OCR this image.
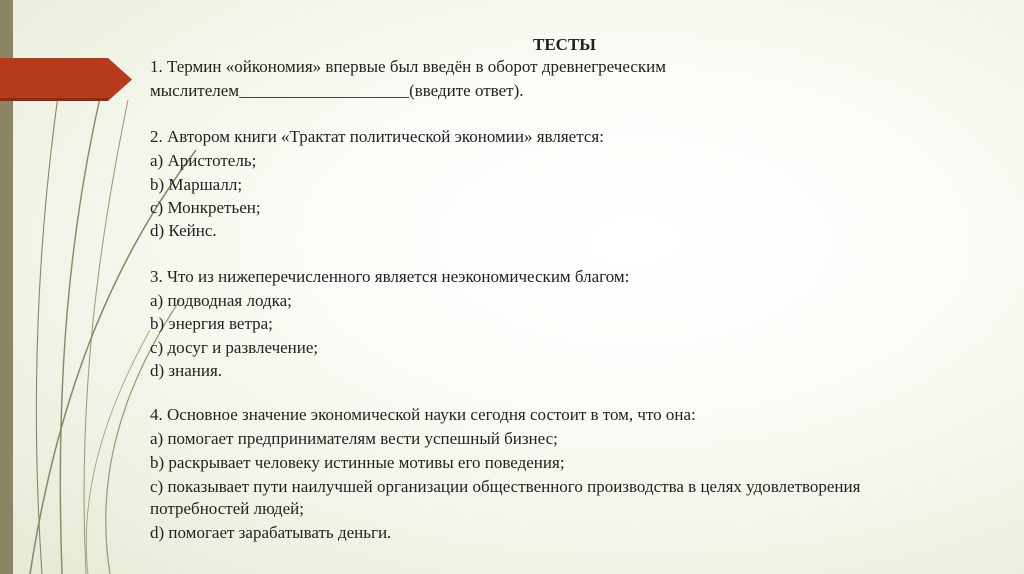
ТЕСТЫ
1. Термин «ойкономия» впервые был введён в оборот древнегреческим
мыслителем____________________(введите ответ).
2. Автором книги «Трактат политической экономии» является:
a) Аристотель;
b) Маршалл;
c) Монкретьен;
d) Кейнс.
3. Что из нижеперечисленного является неэкономическим благом:
a) подводная лодка;
b) энергия ветра;
c) досуг и развлечение;
d) знания.
4. Основное значение экономической науки сегодня состоит в том, что она:
a) помогает предпринимателям вести успешный бизнес;
b) раскрывает человеку истинные мотивы его поведения;
c) показывает пути наилучшей организации общественного производства в целях удовлетворения
потребностей людей;
d) помогает зарабатывать деньги.
